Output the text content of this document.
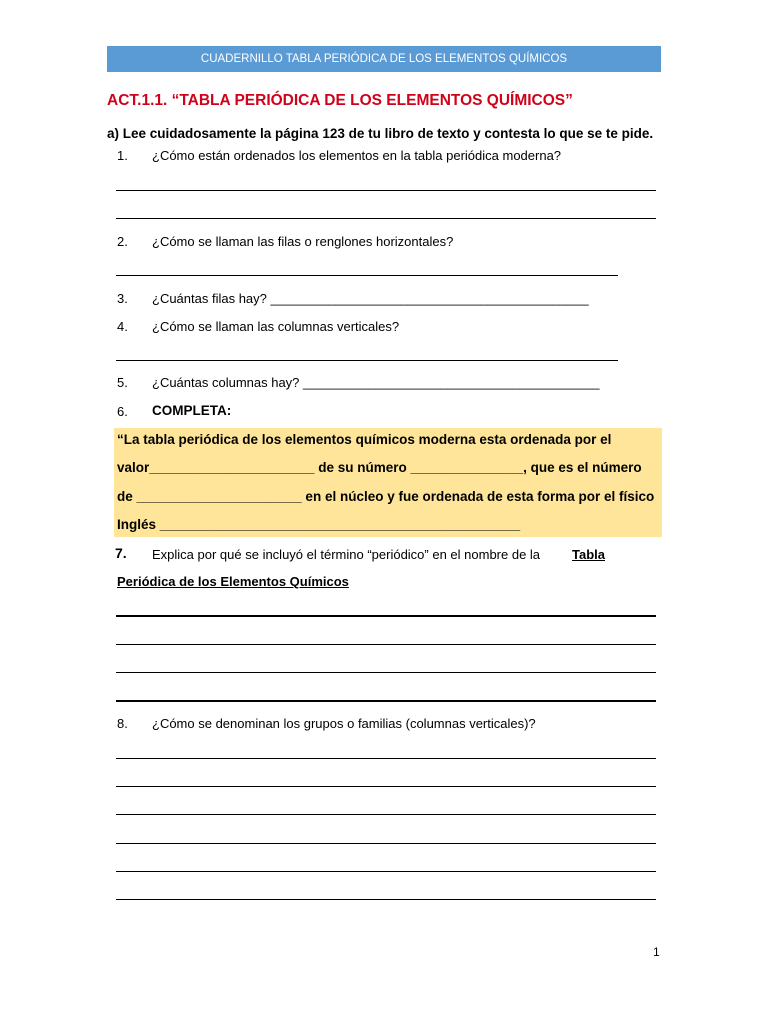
CUADERNILLO TABLA PERIÓDICA DE LOS ELEMENTOS QUÍMICOS
ACT.1.1. “TABLA PERIÓDICA DE LOS ELEMENTOS QUÍMICOS”
a) Lee cuidadosamente la página 123 de tu libro de texto y contesta lo que se te pide.
1. ¿Cómo están ordenados los elementos en la tabla periódica moderna?
2. ¿Cómo se llaman las filas o renglones horizontales?
3. ¿Cuántas filas hay? ____________________________________________
4. ¿Cómo se llaman las columnas verticales?
5. ¿Cuántas columnas hay? _________________________________________
6. COMPLETA:
“La tabla periódica de los elementos químicos moderna esta ordenada por el
valor______________________ de su número _______________, que es el número
de ______________________ en el núcleo y fue ordenada de esta forma por el físico
Inglés ________________________________________________
7. Explica por qué se incluyó el término “periódico” en el nombre de la Tabla
Periódica de los Elementos Químicos
8. ¿Cómo se denominan los grupos o familias (columnas verticales)?
1
